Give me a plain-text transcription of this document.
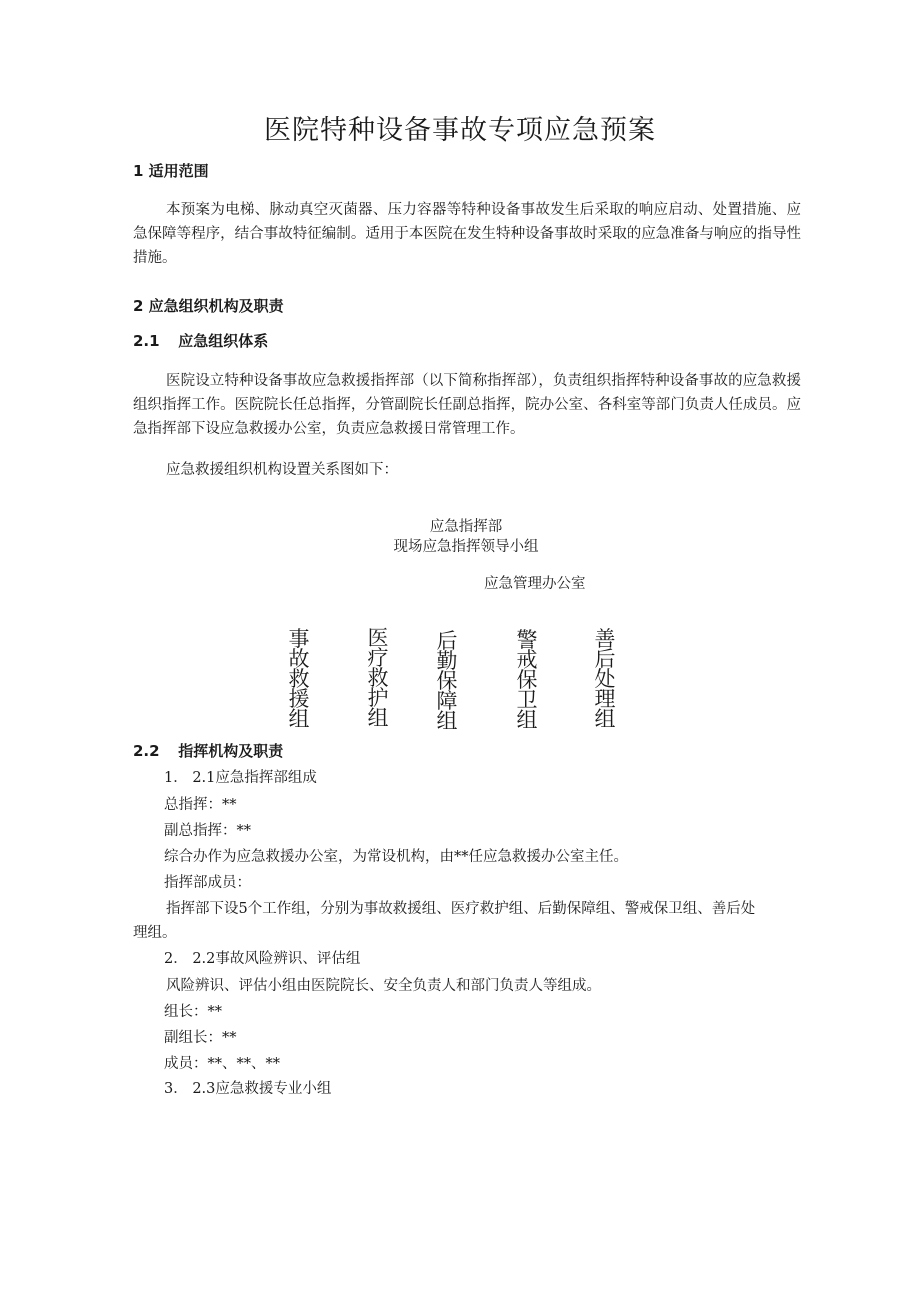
医院特种设备事故专项应急预案
1 适用范围
本预案为电梯、脉动真空灭菌器、压力容器等特种设备事故发生后采取的响应启动、处置措施、应急保障等程序，结合事故特征编制。适用于本医院在发生特种设备事故时采取的应急准备与响应的指导性措施。
2 应急组织机构及职责
2.1 应急组织体系
医院设立特种设备事故应急救援指挥部（以下简称指挥部），负责组织指挥特种设备事故的应急救援组织指挥工作。医院院长任总指挥，分管副院长任副总指挥，院办公室、各科室等部门负责人任成员。应急指挥部下设应急救援办公室，负责应急救援日常管理工作。
应急救援组织机构设置关系图如下：
应急指挥部
现场应急指挥领导小组
应急管理办公室
事
故
救
援
组
医
疗
救
护
组
后
勤
保
障
组
警
戒
保
卫
组
善
后
处
理
组
2.2 指挥机构及职责
1． 2.1应急指挥部组成
总指挥：**
副总指挥：**
综合办作为应急救援办公室，为常设机构，由**任应急救援办公室主任。
指挥部成员：
指挥部下设5个工作组，分别为事故救援组、医疗救护组、后勤保障组、警戒保卫组、善后处
理组。
2． 2.2事故风险辨识、评估组
风险辨识、评估小组由医院院长、安全负责人和部门负责人等组成。
组长：**
副组长：**
成员：**、**、**
3． 2.3应急救援专业小组
